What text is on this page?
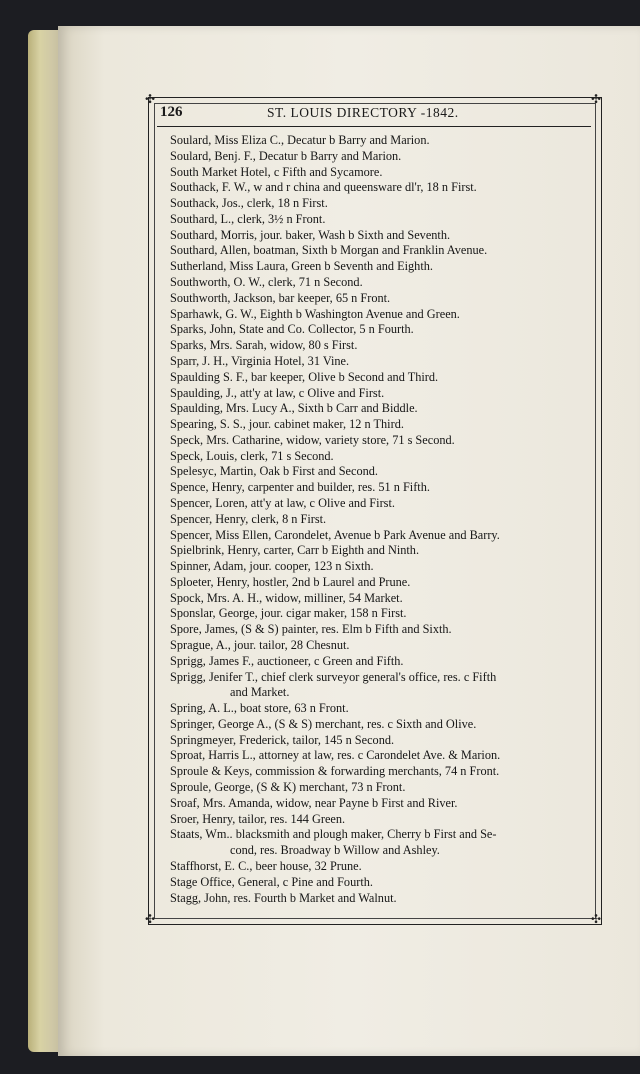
✣	✣
✣	✣
126	ST. LOUIS DIRECTORY -1842.
Soulard, Miss Eliza C., Decatur b Barry and Marion.
Soulard, Benj. F., Decatur b Barry and Marion.
South Market Hotel, c Fifth and Sycamore.
Southack, F. W., w and r china and queensware dl'r, 18 n First.
Southack, Jos., clerk, 18 n First.
Southard, L., clerk, 3½ n Front.
Southard, Morris, jour. baker, Wash b Sixth and Seventh.
Southard, Allen, boatman, Sixth b Morgan and Franklin Avenue.
Sutherland, Miss Laura, Green b Seventh and Eighth.
Southworth, O. W., clerk, 71 n Second.
Southworth, Jackson, bar keeper, 65 n Front.
Sparhawk, G. W., Eighth b Washington Avenue and Green.
Sparks, John, State and Co. Collector, 5 n Fourth.
Sparks, Mrs. Sarah, widow, 80 s First.
Sparr, J. H., Virginia Hotel, 31 Vine.
Spaulding S. F., bar keeper, Olive b Second and Third.
Spaulding, J., att'y at law, c Olive and First.
Spaulding, Mrs. Lucy A., Sixth b Carr and Biddle.
Spearing, S. S., jour. cabinet maker, 12 n Third.
Speck, Mrs. Catharine, widow, variety store, 71 s Second.
Speck, Louis, clerk, 71 s Second.
Spelesyc, Martin, Oak b First and Second.
Spence, Henry, carpenter and builder, res. 51 n Fifth.
Spencer, Loren, att'y at law, c Olive and First.
Spencer, Henry, clerk, 8 n First.
Spencer, Miss Ellen, Carondelet, Avenue b Park Avenue and Barry.
Spielbrink, Henry, carter, Carr b Eighth and Ninth.
Spinner, Adam, jour. cooper, 123 n Sixth.
Sploeter, Henry, hostler, 2nd b Laurel and Prune.
Spock, Mrs. A. H., widow, milliner, 54 Market.
Sponslar, George, jour. cigar maker, 158 n First.
Spore, James, (S & S) painter, res. Elm b Fifth and Sixth.
Sprague, A., jour. tailor, 28 Chesnut.
Sprigg, James F., auctioneer, c Green and Fifth.
Sprigg, Jenifer T., chief clerk surveyor general's office, res. c Fifth
and Market.
Spring, A. L., boat store, 63 n Front.
Springer, George A., (S & S) merchant, res. c Sixth and Olive.
Springmeyer, Frederick, tailor, 145 n Second.
Sproat, Harris L., attorney at law, res. c Carondelet Ave. & Marion.
Sproule & Keys, commission & forwarding merchants, 74 n Front.
Sproule, George, (S & K) merchant, 73 n Front.
Sroaf, Mrs. Amanda, widow, near Payne b First and River.
Sroer, Henry, tailor, res. 144 Green.
Staats, Wm.. blacksmith and plough maker, Cherry b First and Se-
cond, res. Broadway b Willow and Ashley.
Staffhorst, E. C., beer house, 32 Prune.
Stage Office, General, c Pine and Fourth.
Stagg, John, res. Fourth b Market and Walnut.
